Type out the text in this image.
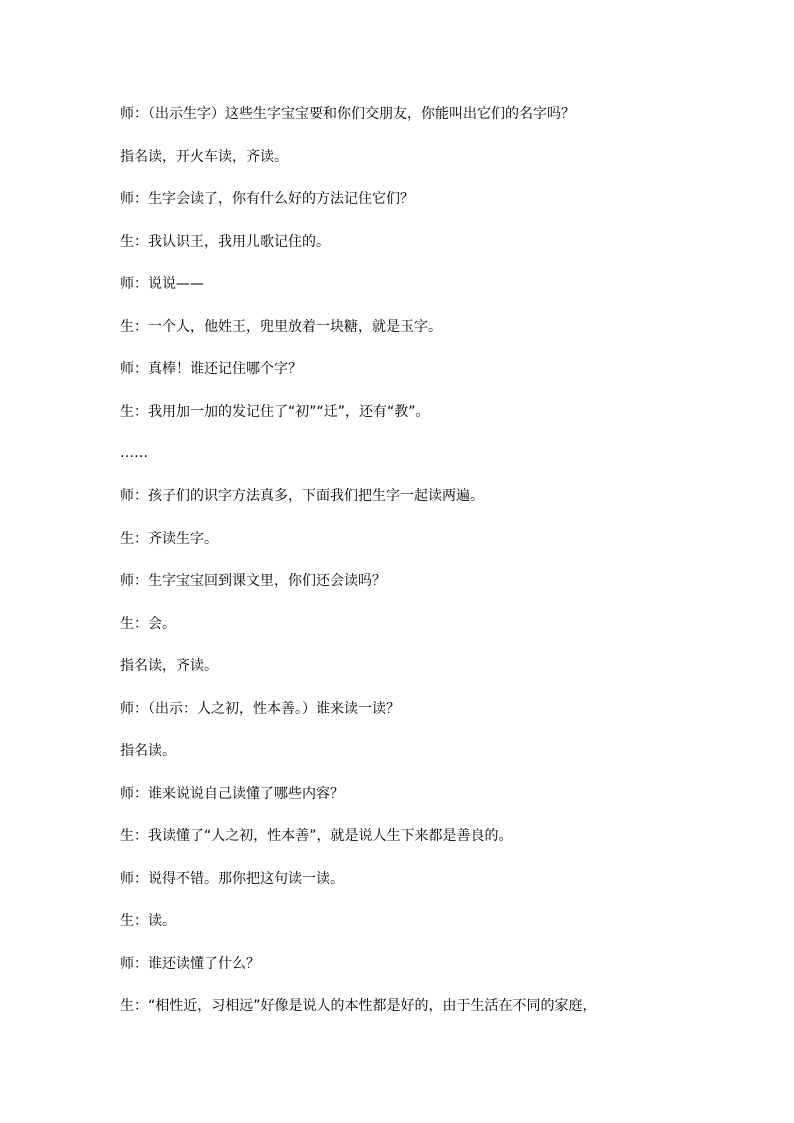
师：（出示生字）这些生字宝宝要和你们交朋友，你能叫出它们的名字吗？
指名读，开火车读，齐读。
师：生字会读了，你有什么好的方法记住它们？
生：我认识王，我用儿歌记住的。
师：说说——
生：一个人，他姓王，兜里放着一块糖，就是玉字。
师：真棒！谁还记住哪个字？
生：我用加一加的发记住了“初”“迁”，还有“教”。
……
师：孩子们的识字方法真多，下面我们把生字一起读两遍。
生：齐读生字。
师：生字宝宝回到课文里，你们还会读吗？
生：会。
指名读，齐读。
师：（出示：人之初，性本善。）谁来读一读？
指名读。
师：谁来说说自己读懂了哪些内容？
生：我读懂了“人之初，性本善”，就是说人生下来都是善良的。
师：说得不错。那你把这句读一读。
生：读。
师：谁还读懂了什么？
生：“相性近，习相远”好像是说人的本性都是好的，由于生活在不同的家庭，
